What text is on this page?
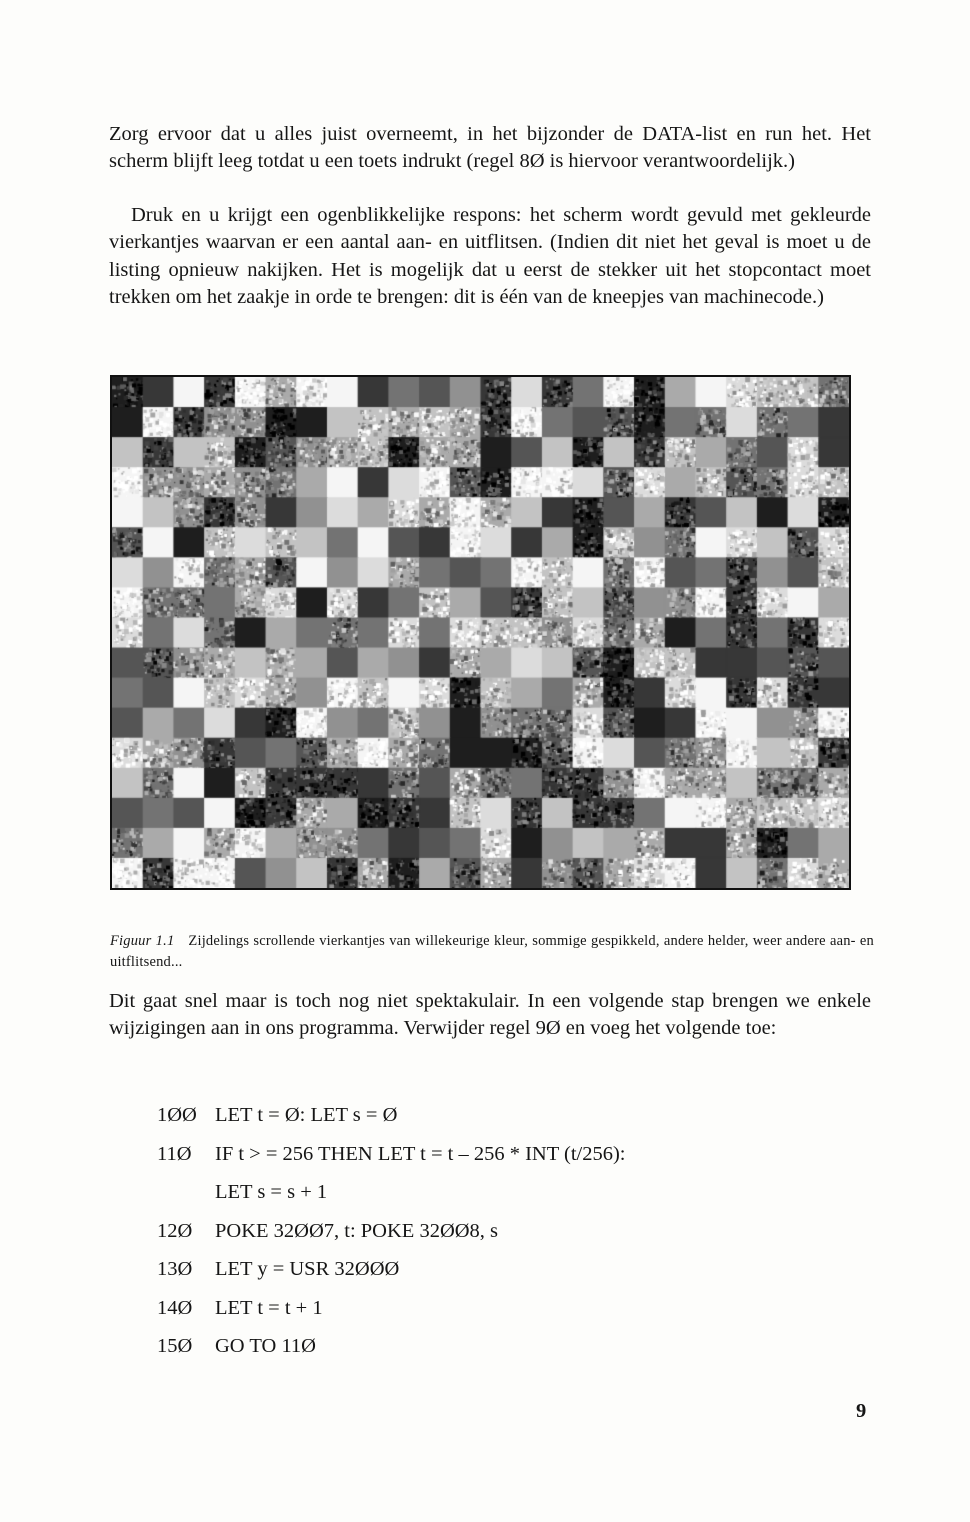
Zorg ervoor dat u alles juist overneemt, in het bijzonder de DATA-list en run het. Het scherm blijft leeg totdat u een toets indrukt (regel 8Ø is hiervoor verantwoordelijk.)

Druk en u krijgt een ogenblikkelijke respons: het scherm wordt gevuld met gekleurde vierkantjes waarvan er een aantal aan- en uitflitsen. (Indien dit niet het geval is moet u de listing opnieuw nakijken. Het is mogelijk dat u eerst de stekker uit het stopcontact moet trekken om het zaakje in orde te brengen: dit is één van de kneepjes van machinecode.)

Figuur 1.1 Zijdelings scrollende vierkantjes van willekeurige kleur, sommige gespikkeld, andere helder, weer andere aan- en uitflitsend...

Dit gaat snel maar is toch nog niet spektakulair. In een volgende stap brengen we enkele wijzigingen aan in ons programma. Verwijder regel 9Ø en voeg het volgende toe:

1ØØ LET t = Ø: LET s = Ø
11Ø IF t > = 256 THEN LET t = t – 256 * INT (t/256):
LET s = s + 1
12Ø POKE 32ØØ7, t: POKE 32ØØ8, s
13Ø LET y = USR 32ØØØ
14Ø LET t = t + 1
15Ø GO TO 11Ø
9
